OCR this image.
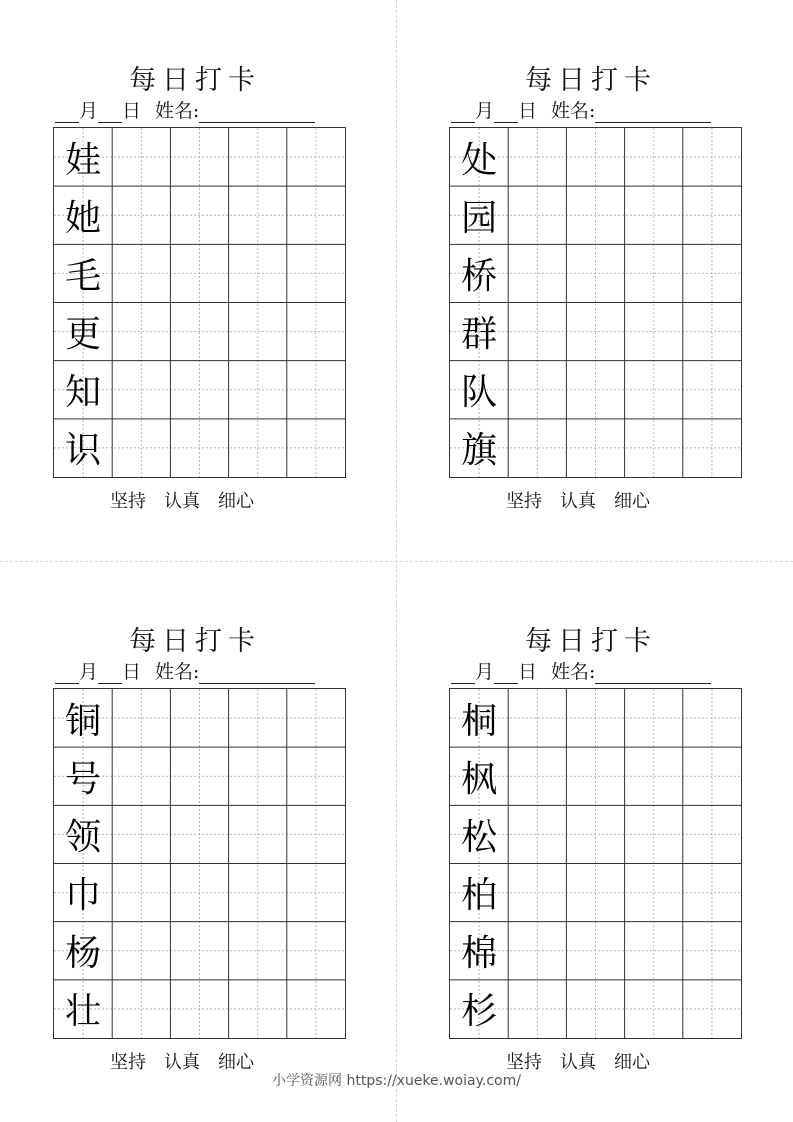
每日打卡
月 日 姓名:
娃
她
毛
更
知
识
坚持 认真 细心
每日打卡
月 日 姓名:
处
园
桥
群
队
旗
坚持 认真 细心
每日打卡
月 日 姓名:
铜
号
领
巾
杨
壮
坚持 认真 细心
每日打卡
月 日 姓名:
桐
枫
松
柏
棉
杉
坚持 认真 细心
小学资源网 https://xueke.woiay.com/
